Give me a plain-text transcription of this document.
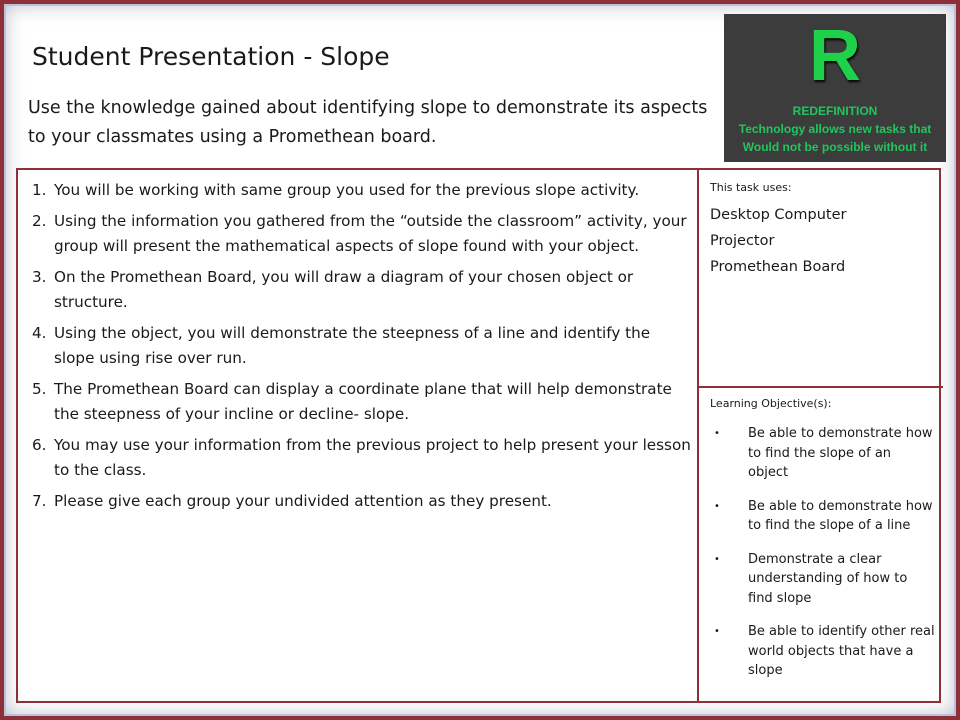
Student Presentation - Slope
Use the knowledge gained about identifying slope to demonstrate its aspects to your classmates using a Promethean board.
R
REDEFINITION
Technology allows new tasks that
Would not be possible without it
1. You will be working with same group you used for the previous slope activity.
2. Using the information you gathered from the “outside the classroom” activity, your group will present the mathematical aspects of slope found with your object.
3. On the Promethean Board, you will draw a diagram of your chosen object or structure.
4. Using the object, you will demonstrate the steepness of a line and identify the slope using rise over run.
5. The Promethean Board can display a coordinate plane that will help demonstrate the steepness of your incline or decline- slope.
6. You may use your information from the previous project to help present your lesson to the class.
7. Please give each group your undivided attention as they present.
This task uses:
Desktop Computer
Projector
Promethean Board
Learning Objective(s):
• Be able to demonstrate how to find the slope of an object
• Be able to demonstrate how to find the slope of a line
• Demonstrate a clear understanding of how to find slope
• Be able to identify other real world objects that have a slope
